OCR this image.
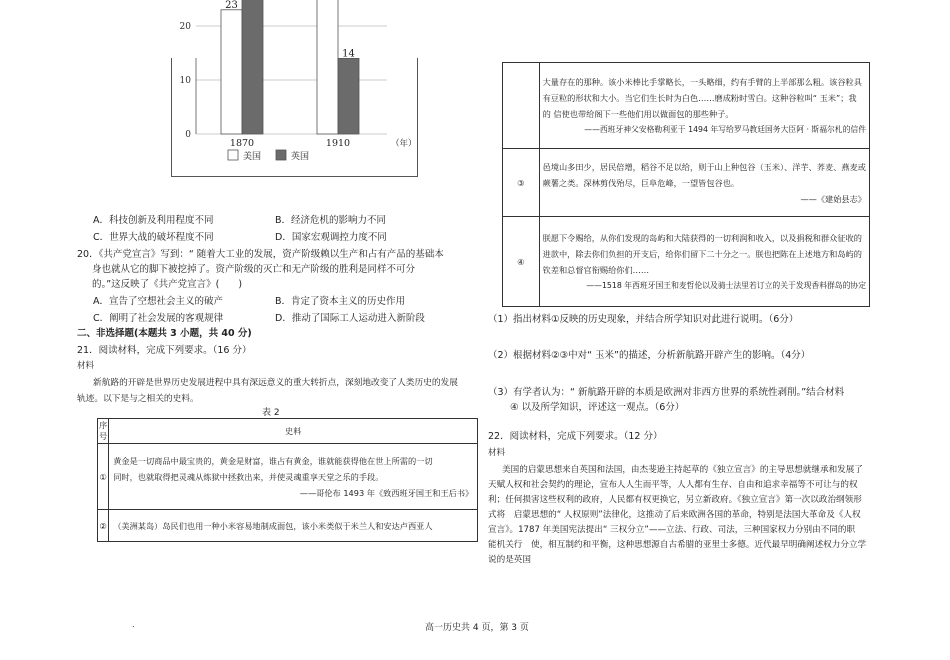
0
10
20
23
1870
14
1910	（年）
美国	英国
A．科技创新及利用程度不同	B．经济危机的影响力不同
C．世界大战的破坏程度不同	D．国家宏观调控力度不同
20．《共产党宣言》写到：“ 随着大工业的发展，资产阶级赖以生产和占有产品的基础本
身也就从它的脚下被挖掉了。资产阶级的灭亡和无产阶级的胜利是同样不可分
的。”这反映了《共产党宣言》(　　)
A．宣告了空想社会主义的破产	B．肯定了资本主义的历史作用
C．阐明了社会发展的客观规律	D．推动了国际工人运动进入新阶段
二、非选择题(本题共 3 小题，共 40 分)
21．阅读材料，完成下列要求。（16 分）
材料
新航路的开辟是世界历史发展进程中具有深远意义的重大转折点，深刻地改变了人类历史的发展
轨迹。以下是与之相关的史料。
表 2
序号	史料
①	黄金是一切商品中最宝贵的，黄金是财富，谁占有黄金，谁就能获得他在世上所需的一切
同时，也就取得把灵魂从炼狱中拯救出来，并使灵魂重享天堂之乐的手段。
——哥伦布 1493 年《致西班牙国王和王后书》

②	（美洲某岛）岛民们也用一种小米容易地制成面包，该小米类似于米兰人和安达卢西亚人
.	高一历史共 4 页，第 3 页

	大量存在的那种。该小米棒比手掌略长，一头略细，约有手臂的上半部那么粗。该谷粒具
有豆粒的形状和大小。当它们生长时为白色……磨成粉时雪白。这种谷粒叫“ 玉米”；我
的 信使也带给阁下一些他们用以做面包的那些种子。
——西班牙神父安格勒利亚于 1494 年写给罗马教廷国务大臣阿 · 斯福尔札的信件

③	邑境山多田少，居民倍增，稻谷不足以给，则于山上种包谷（玉米）、洋芋、荞麦、燕麦或
蕨薯之类。深林剪伐殆尽，巨阜危峰，一望皆包谷也。
——《建始县志》

④	朕愿下令赐给，从你们发现的岛屿和大陆获得的一切利润和收入，以及捐税和群众征收的
进款中，除去你们负担的开支后，给你们留下二十分之一。朕也把陈在上述地方和岛屿的
钦差和总督官衔赐给你们……
——1518 年西班牙国王和麦哲伦以及骑士法里若订立的关于发现香料群岛的协定
（1）指出材料①反映的历史现象，并结合所学知识对此进行说明。（6分）
（2）根据材料②③中对“ 玉米”的描述，分析新航路开辟产生的影响。（4分）
（3）有学者认为：“ 新航路开辟的本质是欧洲对非西方世界的系统性剥削。”结合材料
④ 以及所学知识，评述这一观点。（6分）
22．阅读材料，完成下列要求。（12 分）
材料
美国的启蒙思想来自英国和法国，由杰斐逊主持起草的《独立宣言》的主导思想就继承和发展了
天赋人权和社会契约的理论，宣布人人生而平等，人人都有生存、自由和追求幸福等不可让与的权
利；任何损害这些权利的政府，人民都有权更换它，另立新政府。《独立宣言》第一次以政治纲领形
式将　启蒙思想的“ 人权原则”法律化，这推动了后来欧洲各国的革命，特别是法国大革命及《人权
宣言》。1787 年美国宪法提出“ 三权分立”——立法、行政、司法，三种国家权力分别由不同的职
能机关行　使，相互制约和平衡，这种思想源自古希腊的亚里士多德。近代最早明确阐述权力分立学
说的是英国
